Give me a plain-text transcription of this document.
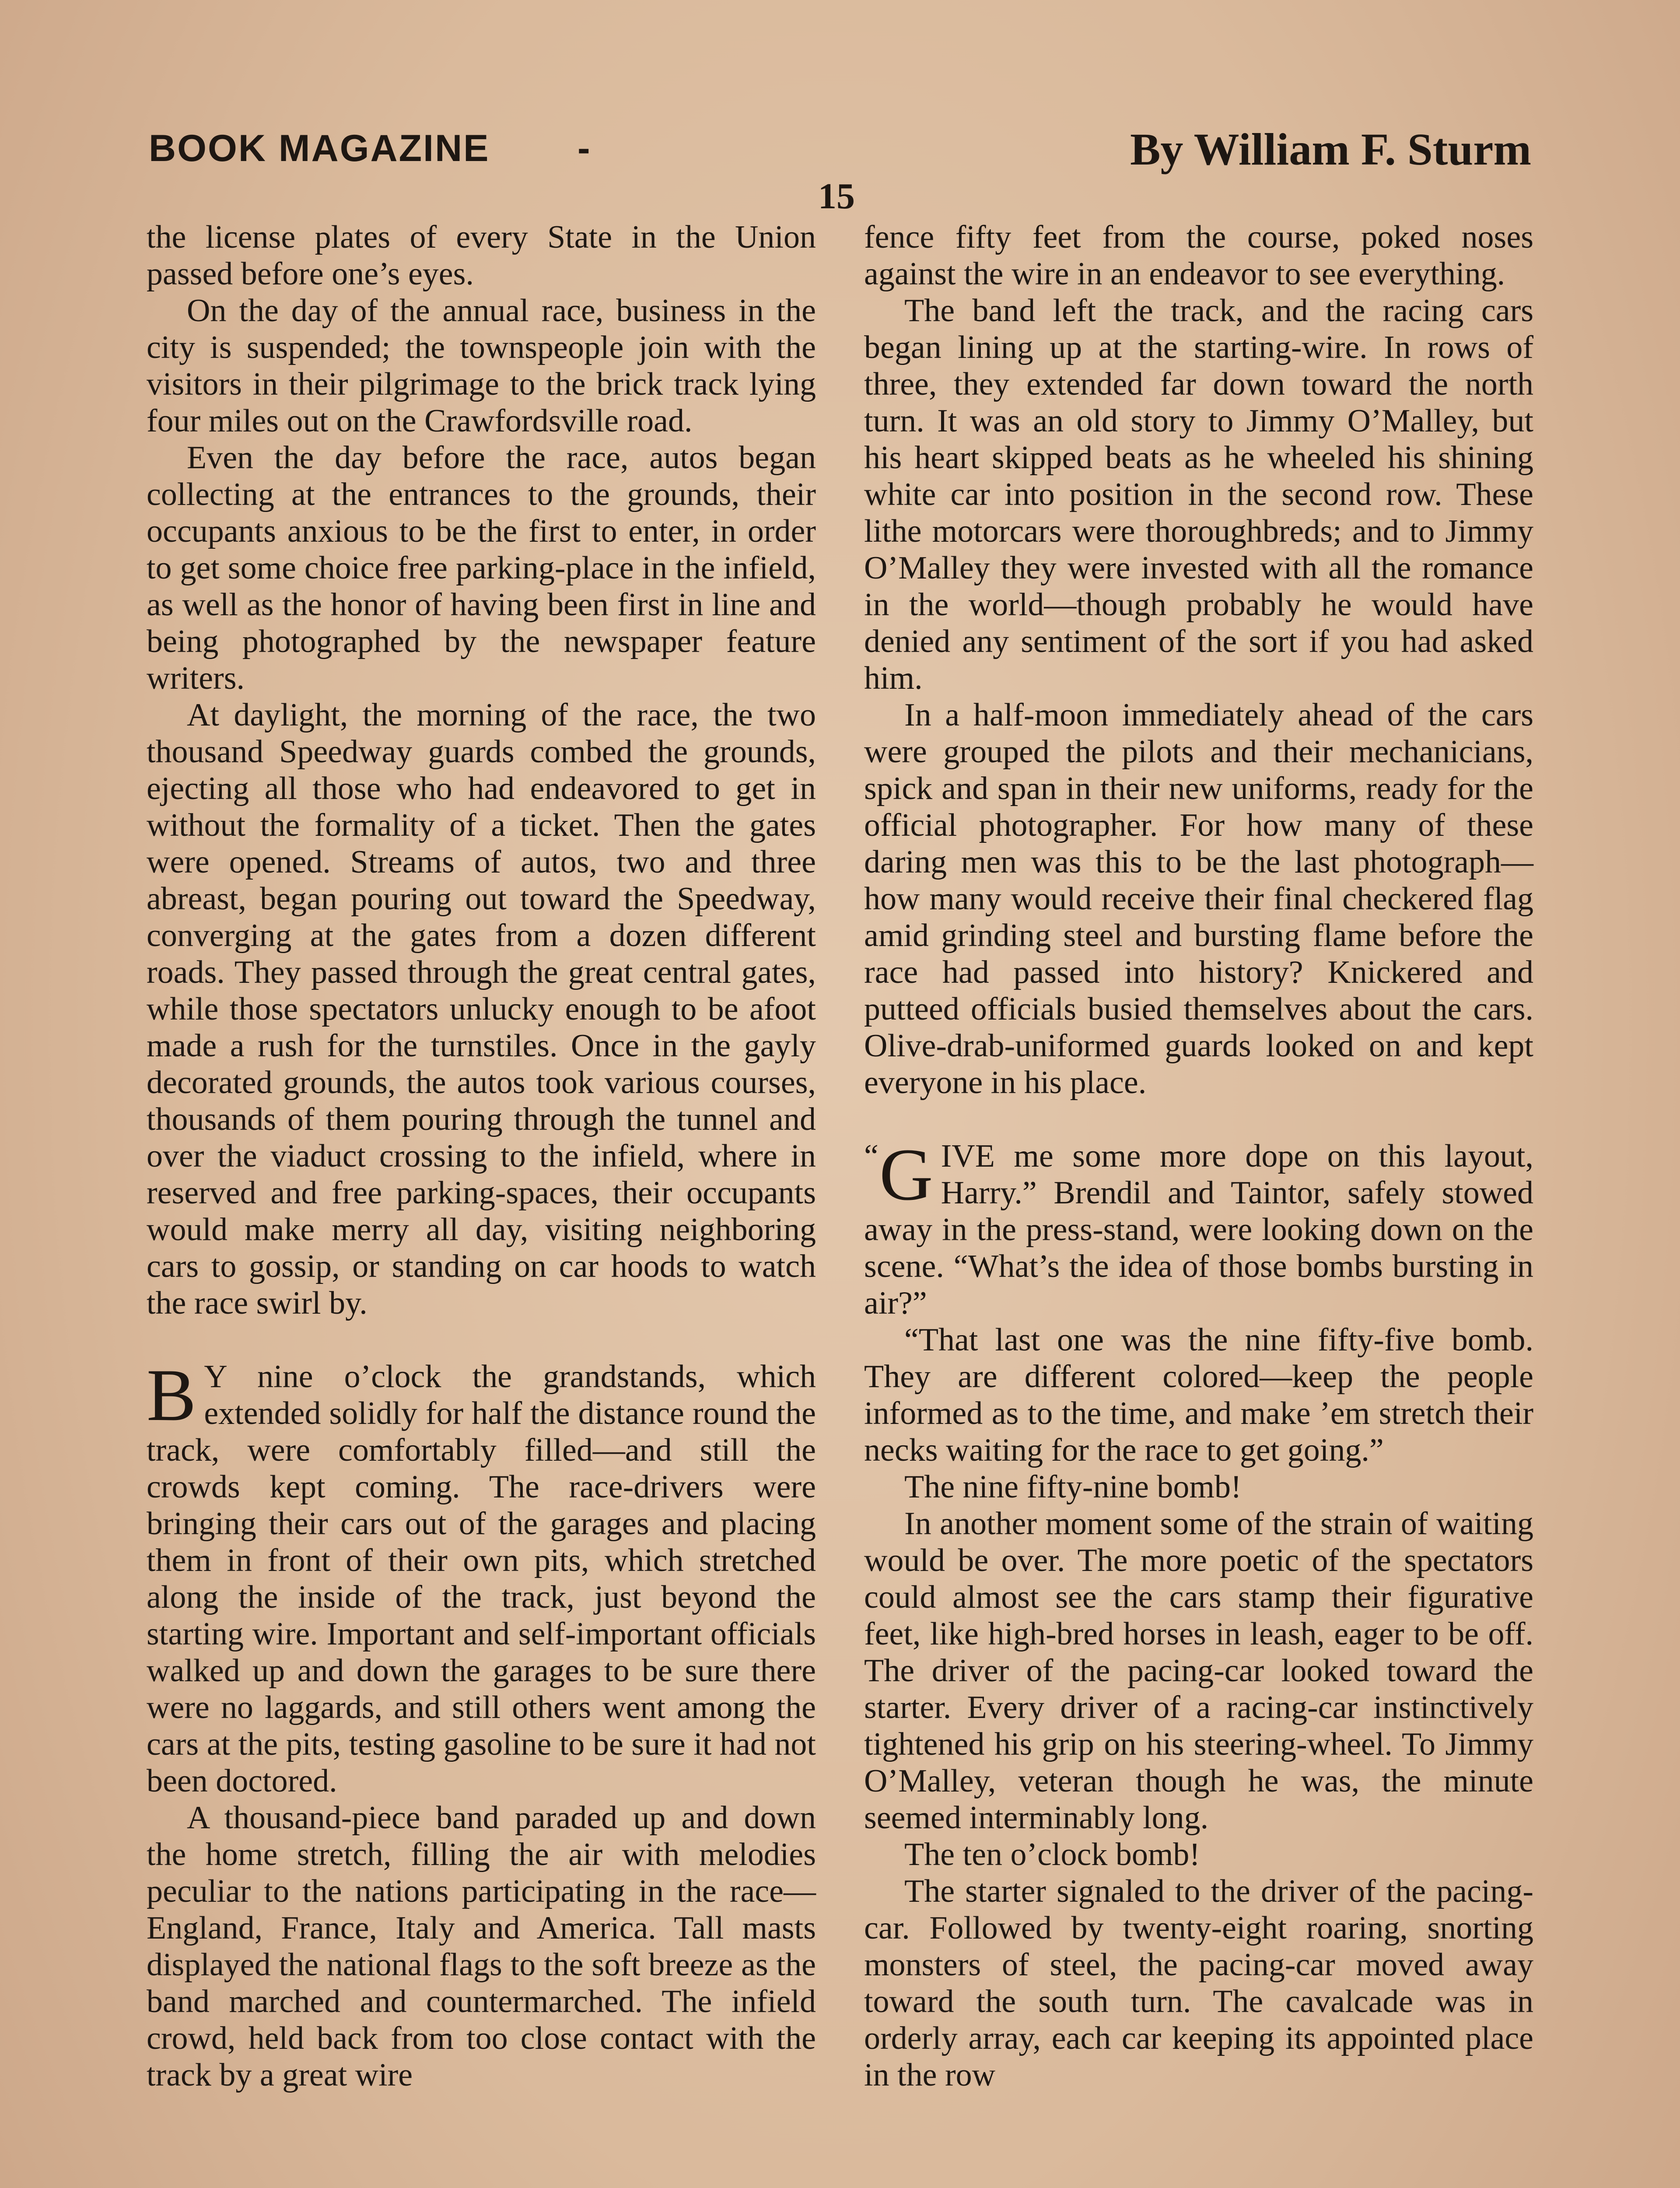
BOOK MAGAZINE -	By William F. Sturm
15

the license plates of every State in the Union passed before one’s eyes.

On the day of the annual race, business in the city is suspended; the townspeople join with the visitors in their pilgrimage to the brick track lying four miles out on the Crawfordsville road.

Even the day before the race, autos began collecting at the entrances to the grounds, their occupants anxious to be the first to enter, in order to get some choice free parking-place in the infield, as well as the honor of having been first in line and being photographed by the newspaper feature writers.

At daylight, the morning of the race, the two thousand Speedway guards combed the grounds, ejecting all those who had endeavored to get in without the formality of a ticket. Then the gates were opened. Streams of autos, two and three abreast, began pouring out toward the Speedway, converging at the gates from a dozen different roads. They passed through the great central gates, while those spectators unlucky enough to be afoot made a rush for the turnstiles. Once in the gayly decorated grounds, the autos took various courses, thousands of them pouring through the tunnel and over the viaduct crossing to the infield, where in reserved and free parking-spaces, their occupants would make merry all day, visiting neighboring cars to gossip, or standing on car hoods to watch the race swirl by.

B Y nine o’clock the grandstands, which extended solidly for half the distance round the track, were comfortably filled—and still the crowds kept coming. The race-drivers were bringing their cars out of the garages and placing them in front of their own pits, which stretched along the inside of the track, just beyond the starting wire. Important and self-important officials walked up and down the garages to be sure there were no laggards, and still others went among the cars at the pits, testing gasoline to be sure it had not been doctored.

A thousand-piece band paraded up and down the home stretch, filling the air with melodies peculiar to the nations participating in the race—England, France, Italy and America. Tall masts displayed the national flags to the soft breeze as the band marched and countermarched. The infield crowd, held back from too close contact with the track by a great wire

fence fifty feet from the course, poked noses against the wire in an endeavor to see everything.

The band left the track, and the racing cars began lining up at the starting-wire. In rows of three, they extended far down toward the north turn. It was an old story to Jimmy O’Malley, but his heart skipped beats as he wheeled his shining white car into position in the second row. These lithe motorcars were thoroughbreds; and to Jimmy O’Malley they were invested with all the romance in the world—though probably he would have denied any sentiment of the sort if you had asked him.

In a half-moon immediately ahead of the cars were grouped the pilots and their mechanicians, spick and span in their new uniforms, ready for the official photographer. For how many of these daring men was this to be the last photograph—how many would receive their final checkered flag amid grinding steel and bursting flame before the race had passed into history? Knickered and putteed officials busied themselves about the cars. Olive-drab-uniformed guards looked on and kept everyone in his place.

“ G IVE me some more dope on this layout, Harry.” Brendil and Taintor, safely stowed away in the press-stand, were looking down on the scene. “What’s the idea of those bombs bursting in air?”

“That last one was the nine fifty-five bomb. They are different colored—keep the people informed as to the time, and make ’em stretch their necks waiting for the race to get going.”

The nine fifty-nine bomb!

In another moment some of the strain of waiting would be over. The more poetic of the spectators could almost see the cars stamp their figurative feet, like high-bred horses in leash, eager to be off. The driver of the pacing-car looked toward the starter. Every driver of a racing-car instinctively tightened his grip on his steering-wheel. To Jimmy O’Malley, veteran though he was, the minute seemed interminably long.

The ten o’clock bomb!

The starter signaled to the driver of the pacing-car. Followed by twenty-eight roaring, snorting monsters of steel, the pacing-car moved away toward the south turn. The cavalcade was in orderly array, each car keeping its appointed place in the row
